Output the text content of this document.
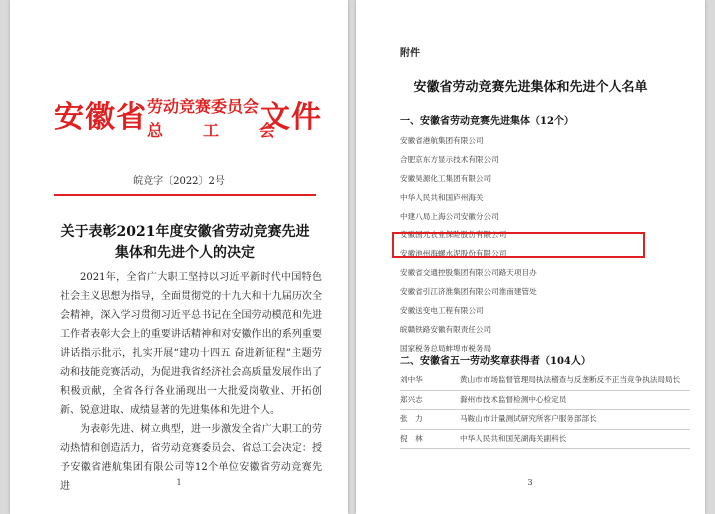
安徽省 劳动竞赛委员会
总　工　会
文件
皖竞字〔2022〕2号
关于表彰2021年度安徽省劳动竞赛先进集体和先进个人的决定

2021年，全省广大职工坚持以习近平新时代中国特色社会主义思想为指导，全面贯彻党的十九大和十九届历次全会精神，深入学习贯彻习近平总书记在全国劳动模范和先进工作者表彰大会上的重要讲话精神和对安徽作出的系列重要讲话指示批示，扎实开展“建功十四五 奋进新征程”主题劳动和技能竞赛活动，为促进我省经济社会高质量发展作出了积极贡献，全省各行各业涌现出一大批爱岗敬业、开拓创新、锐意进取、成绩显著的先进集体和先进个人。

为表彰先进、树立典型，进一步激发全省广大职工的劳动热情和创造活力，省劳动竞赛委员会、省总工会决定：授予安徽省港航集团有限公司等12个单位安徽省劳动竞赛先进	1
附件
安徽省劳动竞赛先进集体和先进个人名单
一、安徽省劳动竞赛先进集体（12个）
安徽省港航集团有限公司
合肥京东方显示技术有限公司
安徽昊源化工集团有限公司
中华人民共和国庐州海关
中建八局上海公司安徽分公司
安徽国元农业保险股份有限公司
安徽池州海螺水泥股份有限公司
安徽省交通控股集团有限公司路天项目办
安徽省引江济淮集团有限公司淮南建管处
安徽送变电工程有限公司
皖赣铁路安徽有限责任公司
国家税务总局蚌埠市税务局
二、安徽省五一劳动奖章获得者（104人）
刘中华	黄山市市场监督管理局执法稽查与反垄断反不正当竞争执法局局长
郑兴志	滁州市技术监督检测中心检定员
张　力	马鞍山市计量测试研究所客户服务部部长
倪　林	中华人民共和国芜湖海关副科长
3
